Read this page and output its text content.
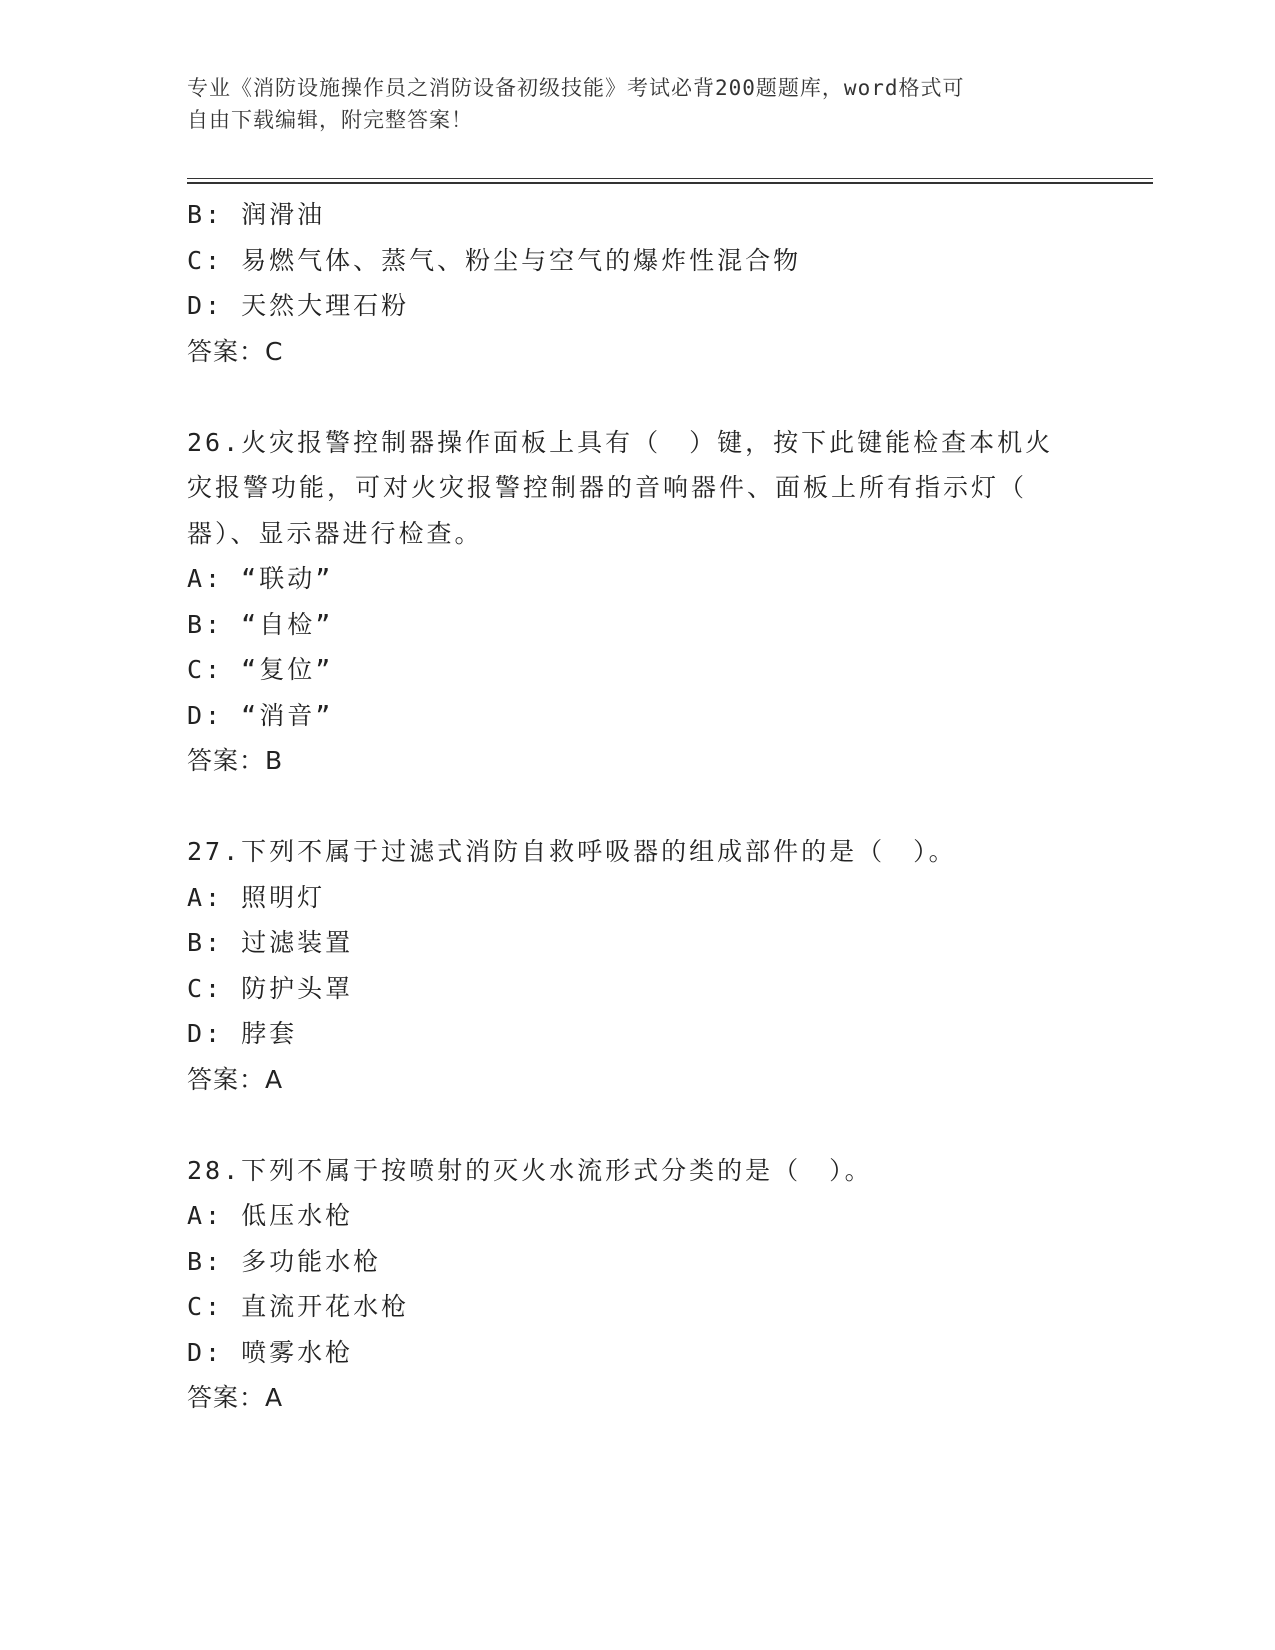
专业《消防设施操作员之消防设备初级技能》考试必背200题题库，word格式可
自由下载编辑，附完整答案！
B: 润滑油
C: 易燃气体、蒸气、粉尘与空气的爆炸性混合物
D: 天然大理石粉
答案：C
26.火灾报警控制器操作面板上具有（　）键，按下此键能检查本机火
灾报警功能，可对火灾报警控制器的音响器件、面板上所有指示灯（
器）、显示器进行检查。
A: “联动”
B: “自检”
C: “复位”
D: “消音”
答案：B
27.下列不属于过滤式消防自救呼吸器的组成部件的是（　）。
A: 照明灯
B: 过滤装置
C: 防护头罩
D: 脖套
答案：A
28.下列不属于按喷射的灭火水流形式分类的是（　）。
A: 低压水枪
B: 多功能水枪
C: 直流开花水枪
D: 喷雾水枪
答案：A
